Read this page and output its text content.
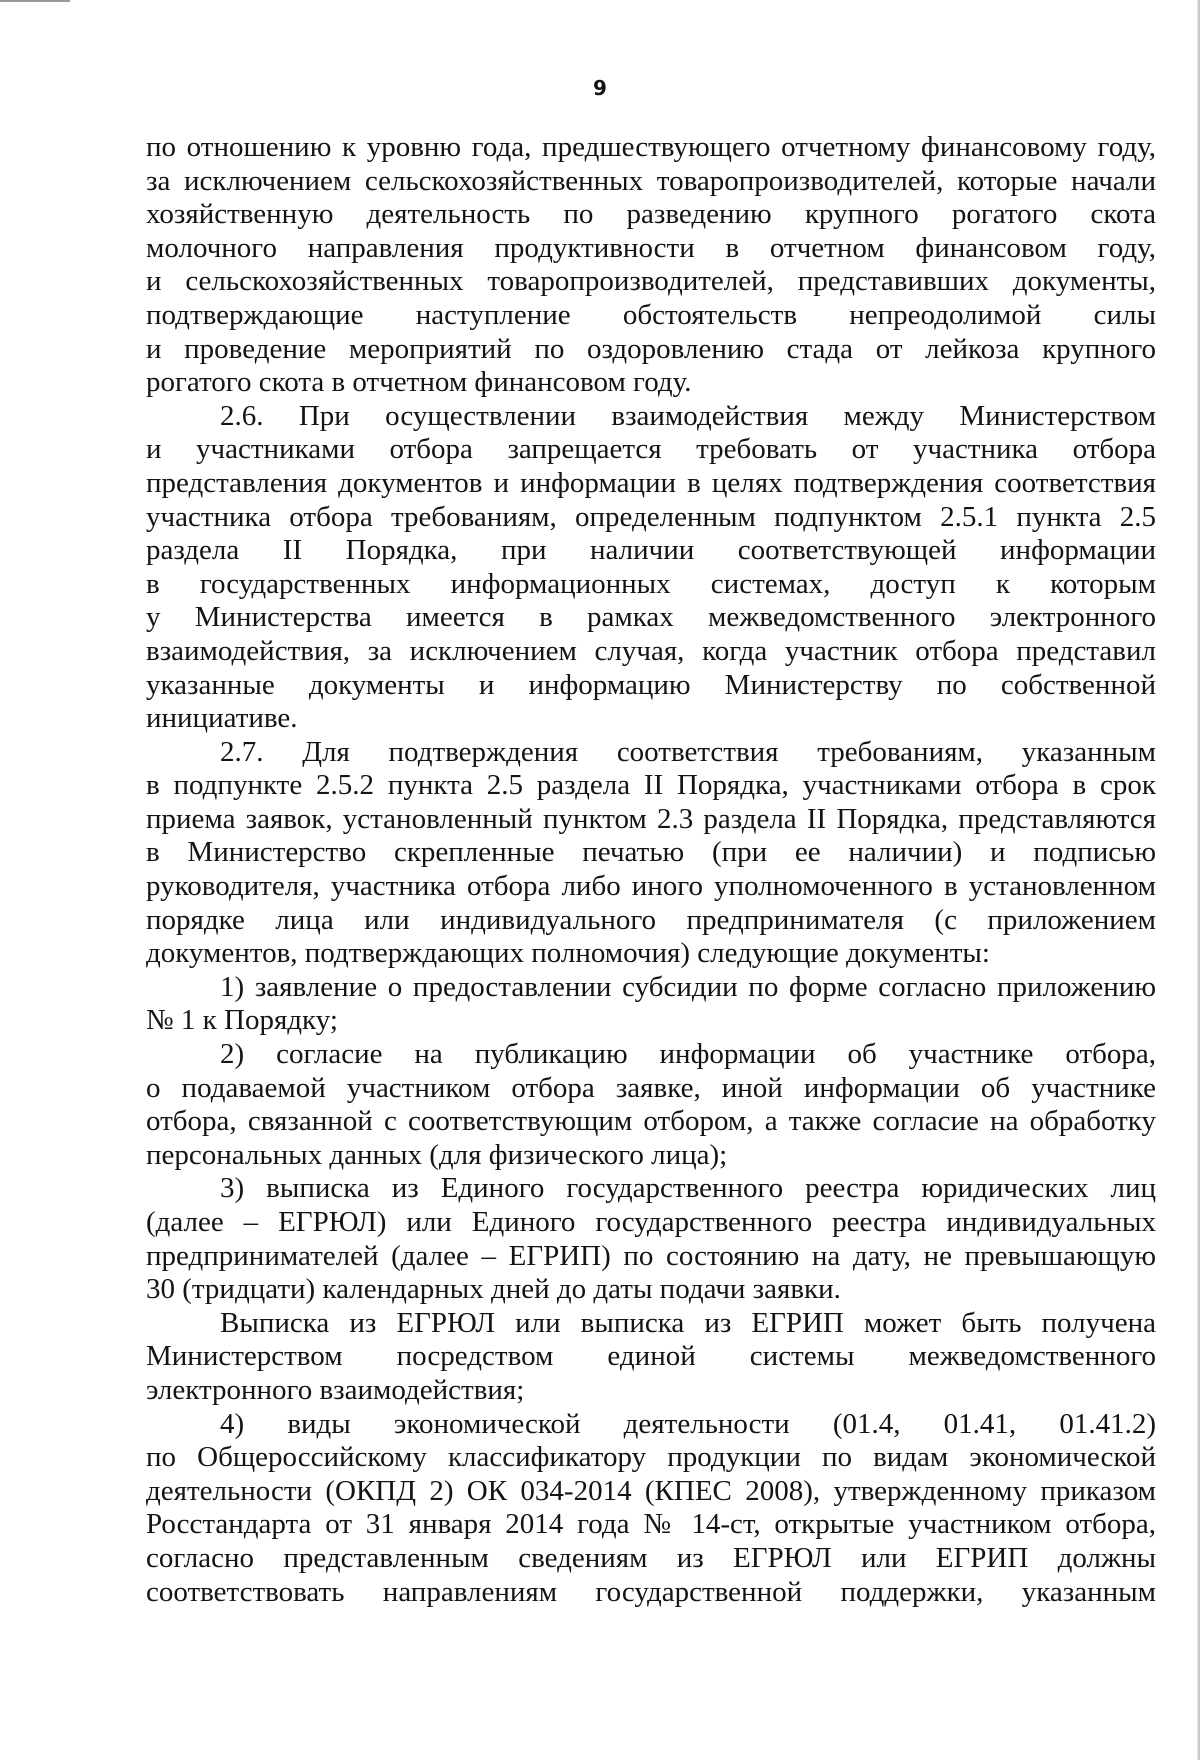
9

по отношению к уровню года, предшествующего отчетному финансовому году,

за исключением сельскохозяйственных товаропроизводителей, которые начали

хозяйственную деятельность по разведению крупного рогатого скота

молочного направления продуктивности в отчетном финансовом году,

и сельскохозяйственных товаропроизводителей, представивших документы,

подтверждающие наступление обстоятельств непреодолимой силы

и проведение мероприятий по оздоровлению стада от лейкоза крупного

рогатого скота в отчетном финансовом году.

2.6. При осуществлении взаимодействия между Министерством

и участниками отбора запрещается требовать от участника отбора

представления документов и информации в целях подтверждения соответствия

участника отбора требованиям, определенным подпунктом 2.5.1 пункта 2.5

раздела II Порядка, при наличии соответствующей информации

в государственных информационных системах, доступ к которым

у Министерства имеется в рамках межведомственного электронного

взаимодействия, за исключением случая, когда участник отбора представил

указанные документы и информацию Министерству по собственной

инициативе.

2.7. Для подтверждения соответствия требованиям, указанным

в подпункте 2.5.2 пункта 2.5 раздела II Порядка, участниками отбора в срок

приема заявок, установленный пунктом 2.3 раздела II Порядка, представляются

в Министерство скрепленные печатью (при ее наличии) и подписью

руководителя, участника отбора либо иного уполномоченного в установленном

порядке лица или индивидуального предпринимателя (с приложением

документов, подтверждающих полномочия) следующие документы:

1) заявление о предоставлении субсидии по форме согласно приложению

№ 1 к Порядку;

2) согласие на публикацию информации об участнике отбора,

о подаваемой участником отбора заявке, иной информации об участнике

отбора, связанной с соответствующим отбором, а также согласие на обработку

персональных данных (для физического лица);

3) выписка из Единого государственного реестра юридических лиц

(далее – ЕГРЮЛ) или Единого государственного реестра индивидуальных

предпринимателей (далее – ЕГРИП) по состоянию на дату, не превышающую

30 (тридцати) календарных дней до даты подачи заявки.

Выписка из ЕГРЮЛ или выписка из ЕГРИП может быть получена

Министерством посредством единой системы межведомственного

электронного взаимодействия;

4) виды экономической деятельности (01.4, 01.41, 01.41.2)

по Общероссийскому классификатору продукции по видам экономической

деятельности (ОКПД 2) ОК 034-2014 (КПЕС 2008), утвержденному приказом

Росстандарта от 31 января 2014 года № 14-ст, открытые участником отбора,

согласно представленным сведениям из ЕГРЮЛ или ЕГРИП должны

соответствовать направлениям государственной поддержки, указанным
